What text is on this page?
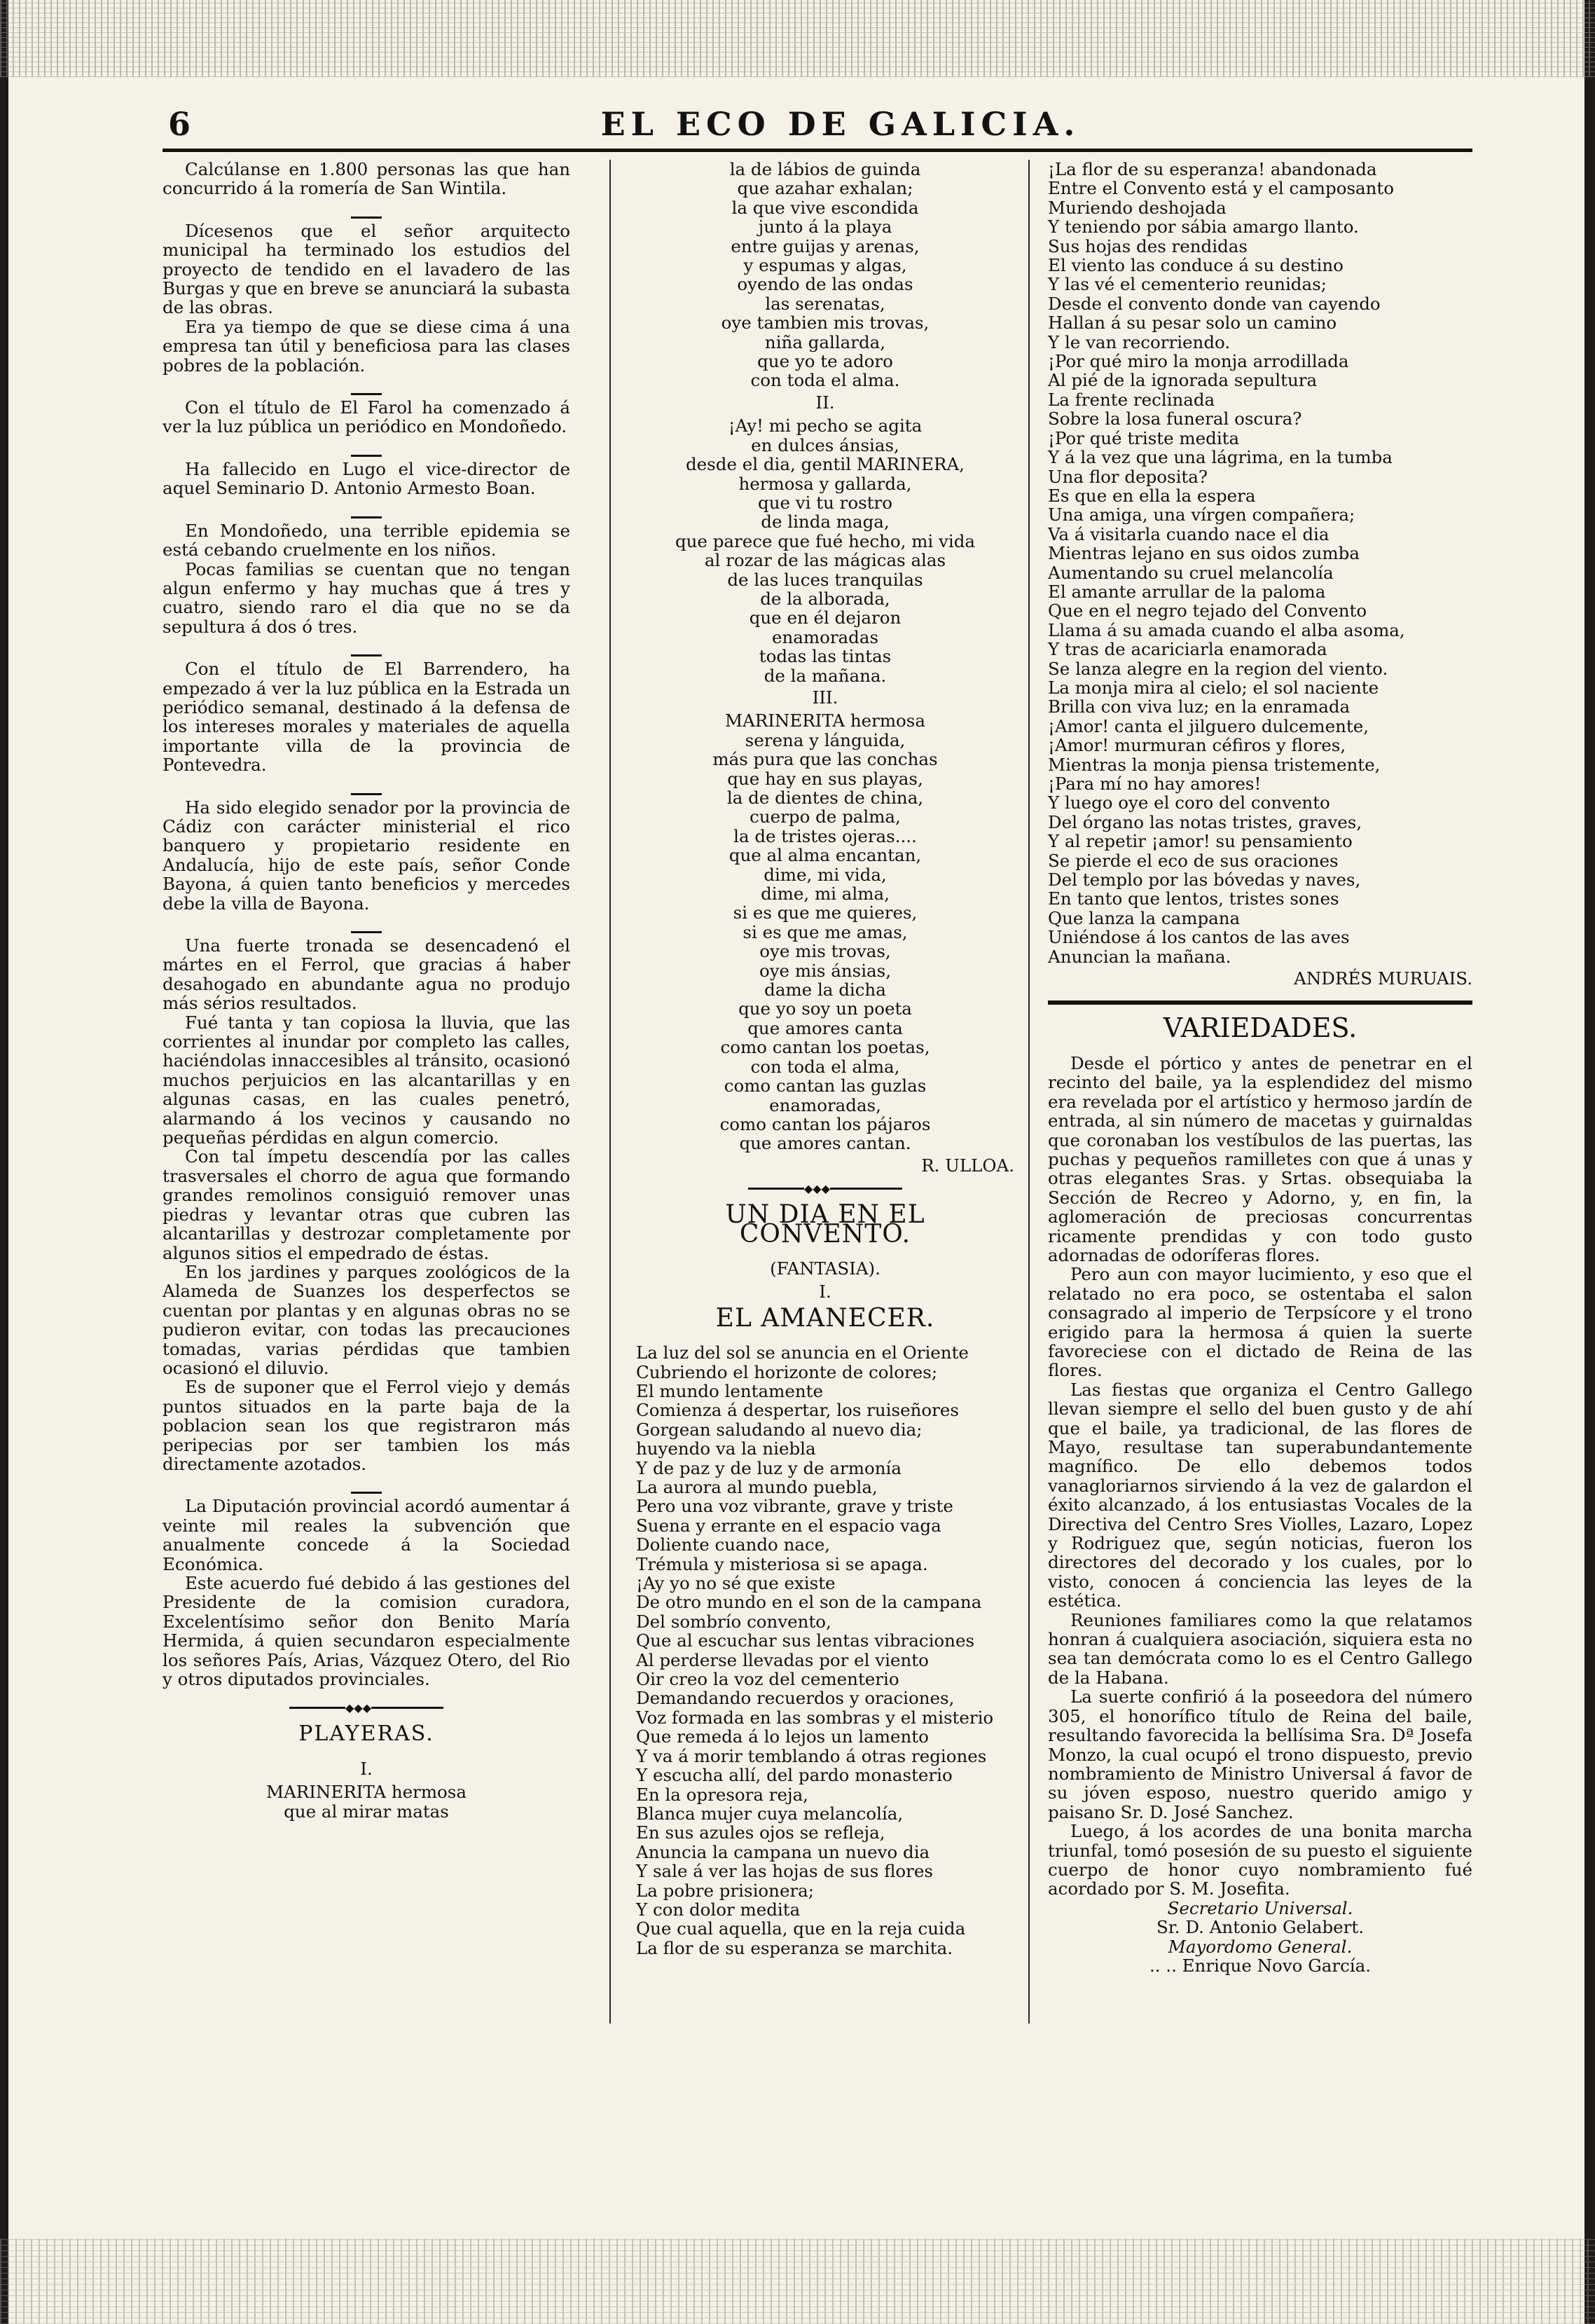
6	EL ECO DE GALICIA.

Calcúlanse en 1.800 personas las que han concurrido á la romería de San Wintila.

Dícesenos que el señor arquitecto municipal ha terminado los estudios del proyecto de tendido en el lavadero de las Burgas y que en breve se anunciará la subasta de las obras.

Era ya tiempo de que se diese cima á una empresa tan útil y beneficiosa para las clases pobres de la población.

Con el título de El Farol ha comenzado á ver la luz pública un periódico en Mondoñedo.

Ha fallecido en Lugo el vice-director de aquel Seminario D. Antonio Armesto Boan.

En Mondoñedo, una terrible epidemia se está cebando cruelmente en los niños.

Pocas familias se cuentan que no tengan algun enfermo y hay muchas que á tres y cuatro, siendo raro el dia que no se da sepultura á dos ó tres.

Con el título de El Barrendero, ha empezado á ver la luz pública en la Estrada un periódico semanal, destinado á la defensa de los intereses morales y materiales de aquella importante villa de la provincia de Pontevedra.

Ha sido elegido senador por la provincia de Cádiz con carácter ministerial el rico banquero y propietario residente en Andalucía, hijo de este país, señor Conde Bayona, á quien tanto beneficios y mercedes debe la villa de Bayona.

Una fuerte tronada se desencadenó el mártes en el Ferrol, que gracias á haber desahogado en abundante agua no produjo más sérios resultados.

Fué tanta y tan copiosa la lluvia, que las corrientes al inundar por completo las calles, haciéndolas innaccesibles al tránsito, ocasionó muchos perjuicios en las alcantarillas y en algunas casas, en las cuales penetró, alarmando á los vecinos y causando no pequeñas pérdidas en algun comercio.

Con tal ímpetu descendía por las calles trasversales el chorro de agua que formando grandes remolinos consiguió remover unas piedras y levantar otras que cubren las alcantarillas y destrozar completamente por algunos sitios el empedrado de éstas.

En los jardines y parques zoológicos de la Alameda de Suanzes los desperfectos se cuentan por plantas y en algunas obras no se pudieron evitar, con todas las precauciones tomadas, varias pérdidas que tambien ocasionó el diluvio.

Es de suponer que el Ferrol viejo y demás puntos situados en la parte baja de la poblacion sean los que registraron más peripecias por ser tambien los más directamente azotados.

La Diputación provincial acordó aumentar á veinte mil reales la subvención que anualmente concede á la Sociedad Económica.

Este acuerdo fué debido á las gestiones del Presidente de la comision curadora, Excelentísimo señor don Benito María Hermida, á quien secundaron especialmente los señores País, Arias, Vázquez Otero, del Rio y otros diputados provinciales.

◆◆◆
PLAYERAS.
I.
MARINERITA hermosa
que al mirar matas
la de lábios de guinda
que azahar exhalan;
la que vive escondida
junto á la playa
entre guijas y arenas,
y espumas y algas,
oyendo de las ondas
las serenatas,
oye tambien mis trovas,
niña gallarda,
que yo te adoro
con toda el alma.
II.
¡Ay! mi pecho se agita
en dulces ánsias,
desde el dia, gentil MARINERA,
hermosa y gallarda,
que vi tu rostro
de linda maga,
que parece que fué hecho, mi vida
al rozar de las mágicas alas
de las luces tranquilas
de la alborada,
que en él dejaron
enamoradas
todas las tintas
de la mañana.
III.
MARINERITA hermosa
serena y lánguida,
más pura que las conchas
que hay en sus playas,
la de dientes de china,
cuerpo de palma,
la de tristes ojeras....
que al alma encantan,
dime, mi vida,
dime, mi alma,
si es que me quieres,
si es que me amas,
oye mis trovas,
oye mis ánsias,
dame la dicha
que yo soy un poeta
que amores canta
como cantan los poetas,
con toda el alma,
como cantan las guzlas
enamoradas,
como cantan los pájaros
que amores cantan.
R. ULLOA.
◆◆◆
UN DIA EN EL CONVENTO.
(FANTASIA).
I.
EL AMANECER.
La luz del sol se anuncia en el Oriente
Cubriendo el horizonte de colores;
El mundo lentamente
Comienza á despertar, los ruiseñores
Gorgean saludando al nuevo dia;
huyendo va la niebla
Y de paz y de luz y de armonía
La aurora al mundo puebla,
Pero una voz vibrante, grave y triste
Suena y errante en el espacio vaga
Doliente cuando nace,
Trémula y misteriosa si se apaga.
¡Ay yo no sé que existe
De otro mundo en el son de la campana
Del sombrío convento,
Que al escuchar sus lentas vibraciones
Al perderse llevadas por el viento
Oir creo la voz del cementerio
Demandando recuerdos y oraciones,
Voz formada en las sombras y el misterio
Que remeda á lo lejos un lamento
Y va á morir temblando á otras regiones
Y escucha allí, del pardo monasterio
En la opresora reja,
Blanca mujer cuya melancolía,
En sus azules ojos se refleja,
Anuncia la campana un nuevo dia
Y sale á ver las hojas de sus flores
La pobre prisionera;
Y con dolor medita
Que cual aquella, que en la reja cuida
La flor de su esperanza se marchita.
¡La flor de su esperanza! abandonada
Entre el Convento está y el camposanto
Muriendo deshojada
Y teniendo por sábia amargo llanto.
Sus hojas des rendidas
El viento las conduce á su destino
Y las vé el cementerio reunidas;
Desde el convento donde van cayendo
Hallan á su pesar solo un camino
Y le van recorriendo.
¡Por qué miro la monja arrodillada
Al pié de la ignorada sepultura
La frente reclinada
Sobre la losa funeral oscura?
¡Por qué triste medita
Y á la vez que una lágrima, en la tumba
Una flor deposita?
Es que en ella la espera
Una amiga, una vírgen compañera;
Va á visitarla cuando nace el dia
Mientras lejano en sus oidos zumba
Aumentando su cruel melancolía
El amante arrullar de la paloma
Que en el negro tejado del Convento
Llama á su amada cuando el alba asoma,
Y tras de acariciarla enamorada
Se lanza alegre en la region del viento.
La monja mira al cielo; el sol naciente
Brilla con viva luz; en la enramada
¡Amor! canta el jilguero dulcemente,
¡Amor! murmuran céfiros y flores,
Mientras la monja piensa tristemente,
¡Para mí no hay amores!
Y luego oye el coro del convento
Del órgano las notas tristes, graves,
Y al repetir ¡amor! su pensamiento
Se pierde el eco de sus oraciones
Del templo por las bóvedas y naves,
En tanto que lentos, tristes sones
Que lanza la campana
Uniéndose á los cantos de las aves
Anuncian la mañana.
ANDRÉS MURUAIS.
VARIEDADES.

Desde el pórtico y antes de penetrar en el recinto del baile, ya la esplendidez del mismo era revelada por el artístico y hermoso jardín de entrada, al sin número de macetas y guirnaldas que coronaban los vestíbulos de las puertas, las puchas y pequeños ramilletes con que á unas y otras elegantes Sras. y Srtas. obsequiaba la Sección de Recreo y Adorno, y, en fin, la aglomeración de preciosas concurrentas ricamente prendidas y con todo gusto adornadas de odoríferas flores.

Pero aun con mayor lucimiento, y eso que el relatado no era poco, se ostentaba el salon consagrado al imperio de Terpsícore y el trono erigido para la hermosa á quien la suerte favoreciese con el dictado de Reina de las flores.

Las fiestas que organiza el Centro Gallego llevan siempre el sello del buen gusto y de ahí que el baile, ya tradicional, de las flores de Mayo, resultase tan superabundantemente magnífico. De ello debemos todos vanagloriarnos sirviendo á la vez de galardon el éxito alcanzado, á los entusiastas Vocales de la Directiva del Centro Sres Violles, Lazaro, Lopez y Rodriguez que, según noticias, fueron los directores del decorado y los cuales, por lo visto, conocen á conciencia las leyes de la estética.

Reuniones familiares como la que relatamos honran á cualquiera asociación, siquiera esta no sea tan demócrata como lo es el Centro Gallego de la Habana.

La suerte confirió á la poseedora del número 305, el honorífico título de Reina del baile, resultando favorecida la bellísima Sra. Dª Josefa Monzo, la cual ocupó el trono dispuesto, previo nombramiento de Ministro Universal á favor de su jóven esposo, nuestro querido amigo y paisano Sr. D. José Sanchez.

Luego, á los acordes de una bonita marcha triunfal, tomó posesión de su puesto el siguiente cuerpo de honor cuyo nombramiento fué acordado por S. M. Josefita.

Secretario Universal.
Sr. D. Antonio Gelabert.
Mayordomo General.
.. .. Enrique Novo García.
